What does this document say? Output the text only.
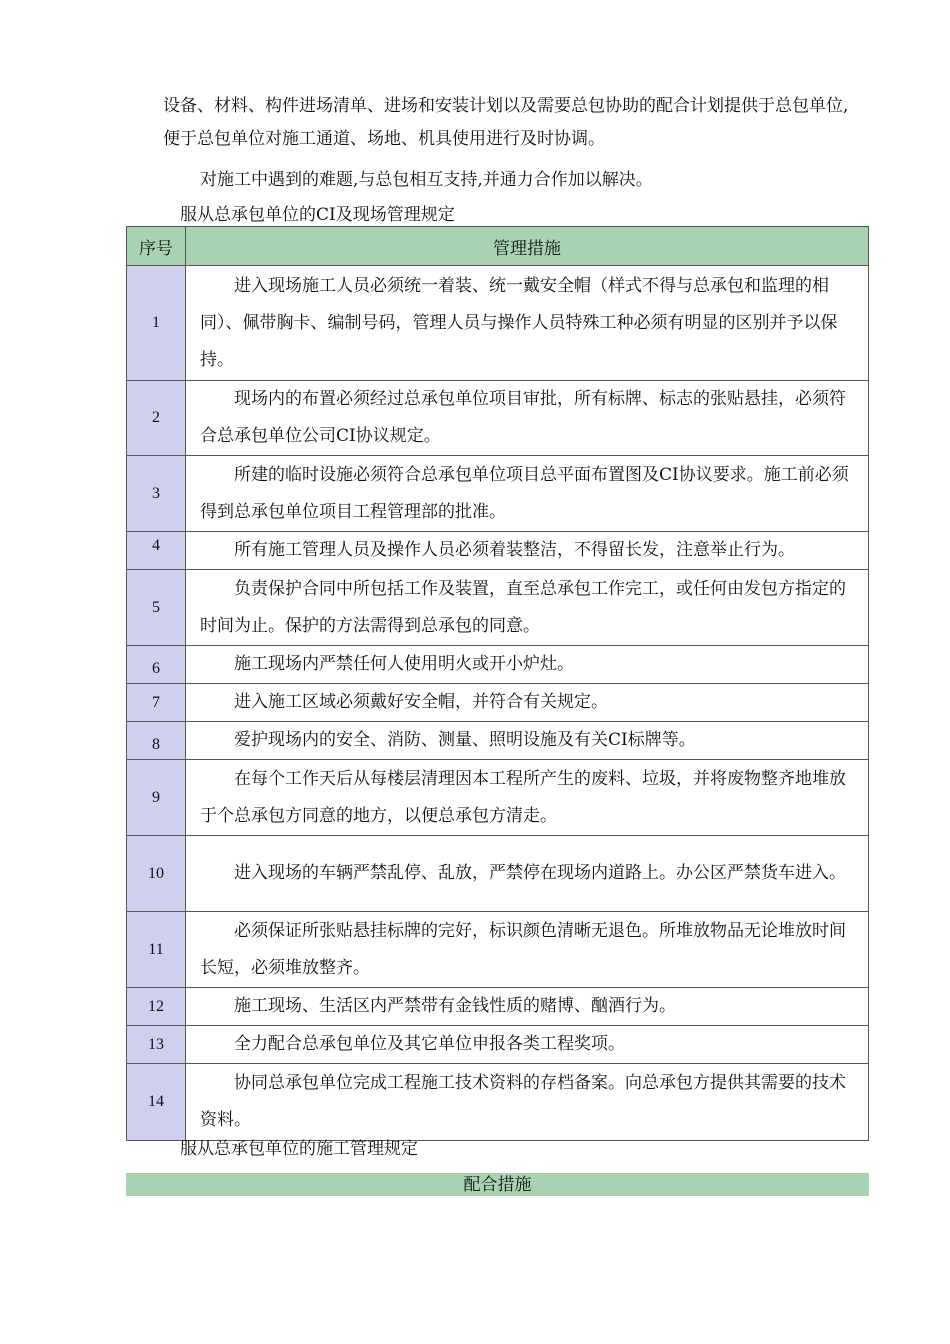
设备、材料、构件进场清单、进场和安装计划以及需要总包协助的配合计划提供于总包单位,便于总包单位对施工通道、场地、机具使用进行及时协调。

对施工中遇到的难题,与总包相互支持,并通力合作加以解决。

服从总承包单位的CI及现场管理规定
序号	管理措施
1	进入现场施工人员必须统一着装、统一戴安全帽（样式不得与总承包和监理的相同）、佩带胸卡、编制号码，管理人员与操作人员特殊工种必须有明显的区别并予以保持。
2	现场内的布置必须经过总承包单位项目审批，所有标牌、标志的张贴悬挂，必须符合总承包单位公司CI协议规定。
3	所建的临时设施必须符合总承包单位项目总平面布置图及CI协议要求。施工前必须得到总承包单位项目工程管理部的批准。
4	所有施工管理人员及操作人员必须着装整洁，不得留长发，注意举止行为。

5	负责保护合同中所包括工作及装置，直至总承包工作完工，或任何由发包方指定的时间为止。保护的方法需得到总承包的同意。
6	施工现场内严禁任何人使用明火或开小炉灶。
7	进入施工区域必须戴好安全帽，并符合有关规定。
8	爱护现场内的安全、消防、测量、照明设施及有关CI标牌等。
9	在每个工作天后从每楼层清理因本工程所产生的废料、垃圾，并将废物整齐地堆放于个总承包方同意的地方，以便总承包方清走。
10	进入现场的车辆严禁乱停、乱放，严禁停在现场内道路上。办公区严禁货车进入。
11	必须保证所张贴悬挂标牌的完好，标识颜色清晰无退色。所堆放物品无论堆放时间长短，必须堆放整齐。
12	施工现场、生活区内严禁带有金钱性质的赌博、酗酒行为。
13	全力配合总承包单位及其它单位申报各类工程奖项。
14	协同总承包单位完成工程施工技术资料的存档备案。向总承包方提供其需要的技术资料。
服从总承包单位的施工管理规定
配合措施
